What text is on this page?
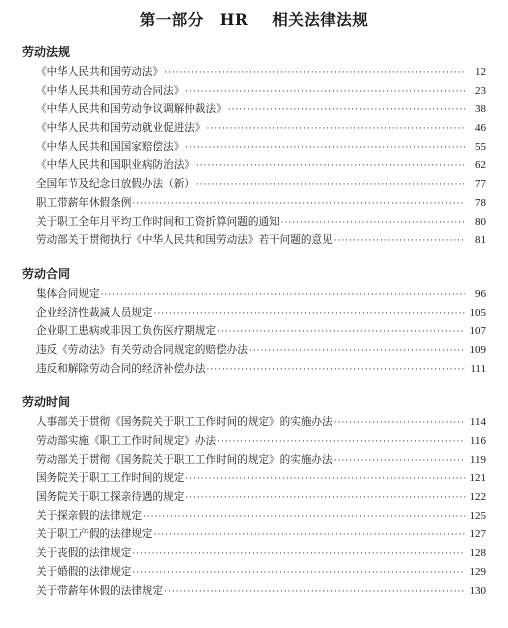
第一部分　HR 相关法律法规
劳动法规
《中华人民共和国劳动法》 ·····	12
《中华人民共和国劳动合同法》 ·····	23
《中华人民共和国劳动争议调解仲裁法》 ·····	38
《中华人民共和国劳动就业促进法》 ·····	46
《中华人民共和国国家赔偿法》 ·····	55
《中华人民共和国职业病防治法》 ·····	62
全国年节及纪念日放假办法（新） ·····	77
职工带薪年休假条例 ·····	78
关于职工全年月平均工作时间和工资折算问题的通知 ·····	80
劳动部关于贯彻执行《中华人民共和国劳动法》若干问题的意见 ·····	81
劳动合同
集体合同规定 ·····	96
企业经济性裁减人员规定 ·····	105
企业职工患病或非因工负伤医疗期规定 ·····	107
违反《劳动法》有关劳动合同规定的赔偿办法 ·····	109
违反和解除劳动合同的经济补偿办法 ·····	111
劳动时间
人事部关于贯彻《国务院关于职工工作时间的规定》的实施办法 ·····	114
劳动部实施《职工工作时间规定》办法 ·····	116
劳动部关于贯彻《国务院关于职工工作时间的规定》的实施办法 ·····	119
国务院关于职工工作时间的规定 ·····	121
国务院关于职工探亲待遇的规定 ·····	122
关于探亲假的法律规定 ·····	125
关于职工产假的法律规定 ·····	127
关于丧假的法律规定 ·····	128
关于婚假的法律规定 ·····	129
关于带薪年休假的法律规定 ·····	130
